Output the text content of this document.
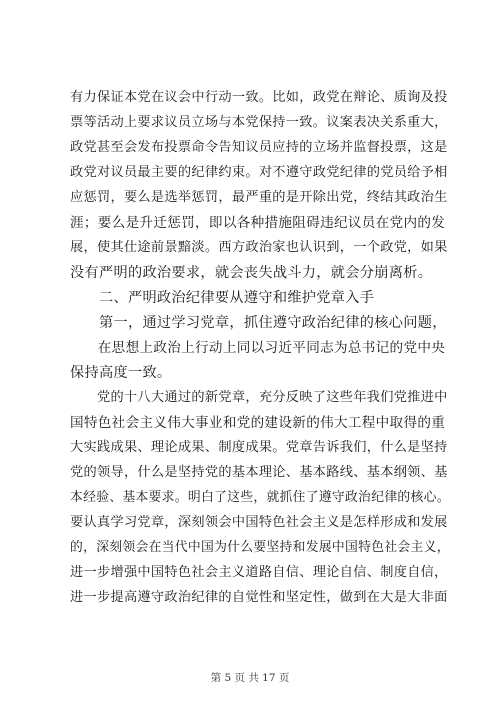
有力保证本党在议会中行动一致。比如，政党在辩论、质询及投
票等活动上要求议员立场与本党保持一致。议案表决关系重大，
政党甚至会发布投票命令告知议员应持的立场并监督投票，这是
政党对议员最主要的纪律约束。对不遵守政党纪律的党员给予相
应惩罚，要么是选举惩罚，最严重的是开除出党，终结其政治生
涯；要么是升迁惩罚，即以各种措施阻碍违纪议员在党内的发
展，使其仕途前景黯淡。西方政治家也认识到，一个政党，如果
没有严明的政治要求，就会丧失战斗力，就会分崩离析。
　　二、严明政治纪律要从遵守和维护党章入手
　　第一，通过学习党章，抓住遵守政治纪律的核心问题，
　　在思想上政治上行动上同以习近平同志为总书记的党中央
保持高度一致。
　　党的十八大通过的新党章，充分反映了这些年我们党推进中
国特色社会主义伟大事业和党的建设新的伟大工程中取得的重
大实践成果、理论成果、制度成果。党章告诉我们，什么是坚持
党的领导，什么是坚持党的基本理论、基本路线、基本纲领、基
本经验、基本要求。明白了这些，就抓住了遵守政治纪律的核心。
要认真学习党章，深刻领会中国特色社会主义是怎样形成和发展
的，深刻领会在当代中国为什么要坚持和发展中国特色社会主义，
进一步增强中国特色社会主义道路自信、理论自信、制度自信，
进一步提高遵守政治纪律的自觉性和坚定性，做到在大是大非面
第 5 页 共 17 页
